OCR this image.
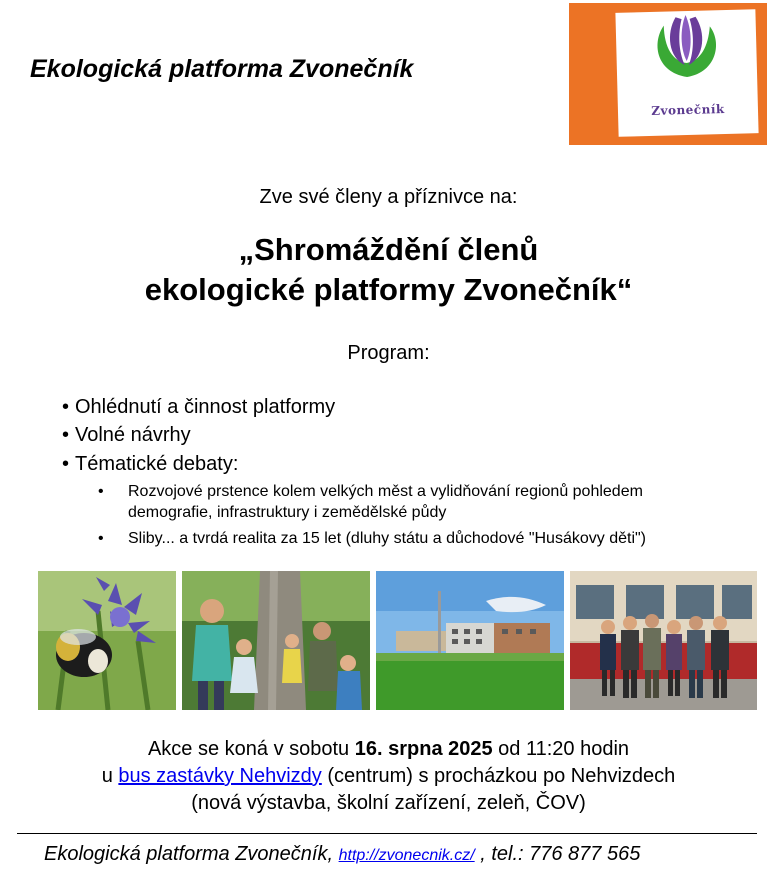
Ekologická platforma Zvonečník
Zvonečník
Zve své členy a příznivce na:
„Shromáždění členů
ekologické platformy Zvonečník“
Program:
• Ohlédnutí a činnost platformy
• Volné návrhy
• Tématické debaty:
• Rozvojové prstence kolem velkých měst a vylidňování regionů pohledem
demografie, infrastruktury i zemědělské půdy
• Sliby... a tvrdá realita za 15 let (dluhy státu a důchodové "Husákovy děti")
Akce se koná v sobotu 16. srpna 2025 od 11:20 hodin
u bus zastávky Nehvizdy (centrum) s procházkou po Nehvizdech
(nová výstavba, školní zařízení, zeleň, ČOV)
Ekologická platforma Zvonečník, http://zvonecnik.cz/ , tel.: 776 877 565
